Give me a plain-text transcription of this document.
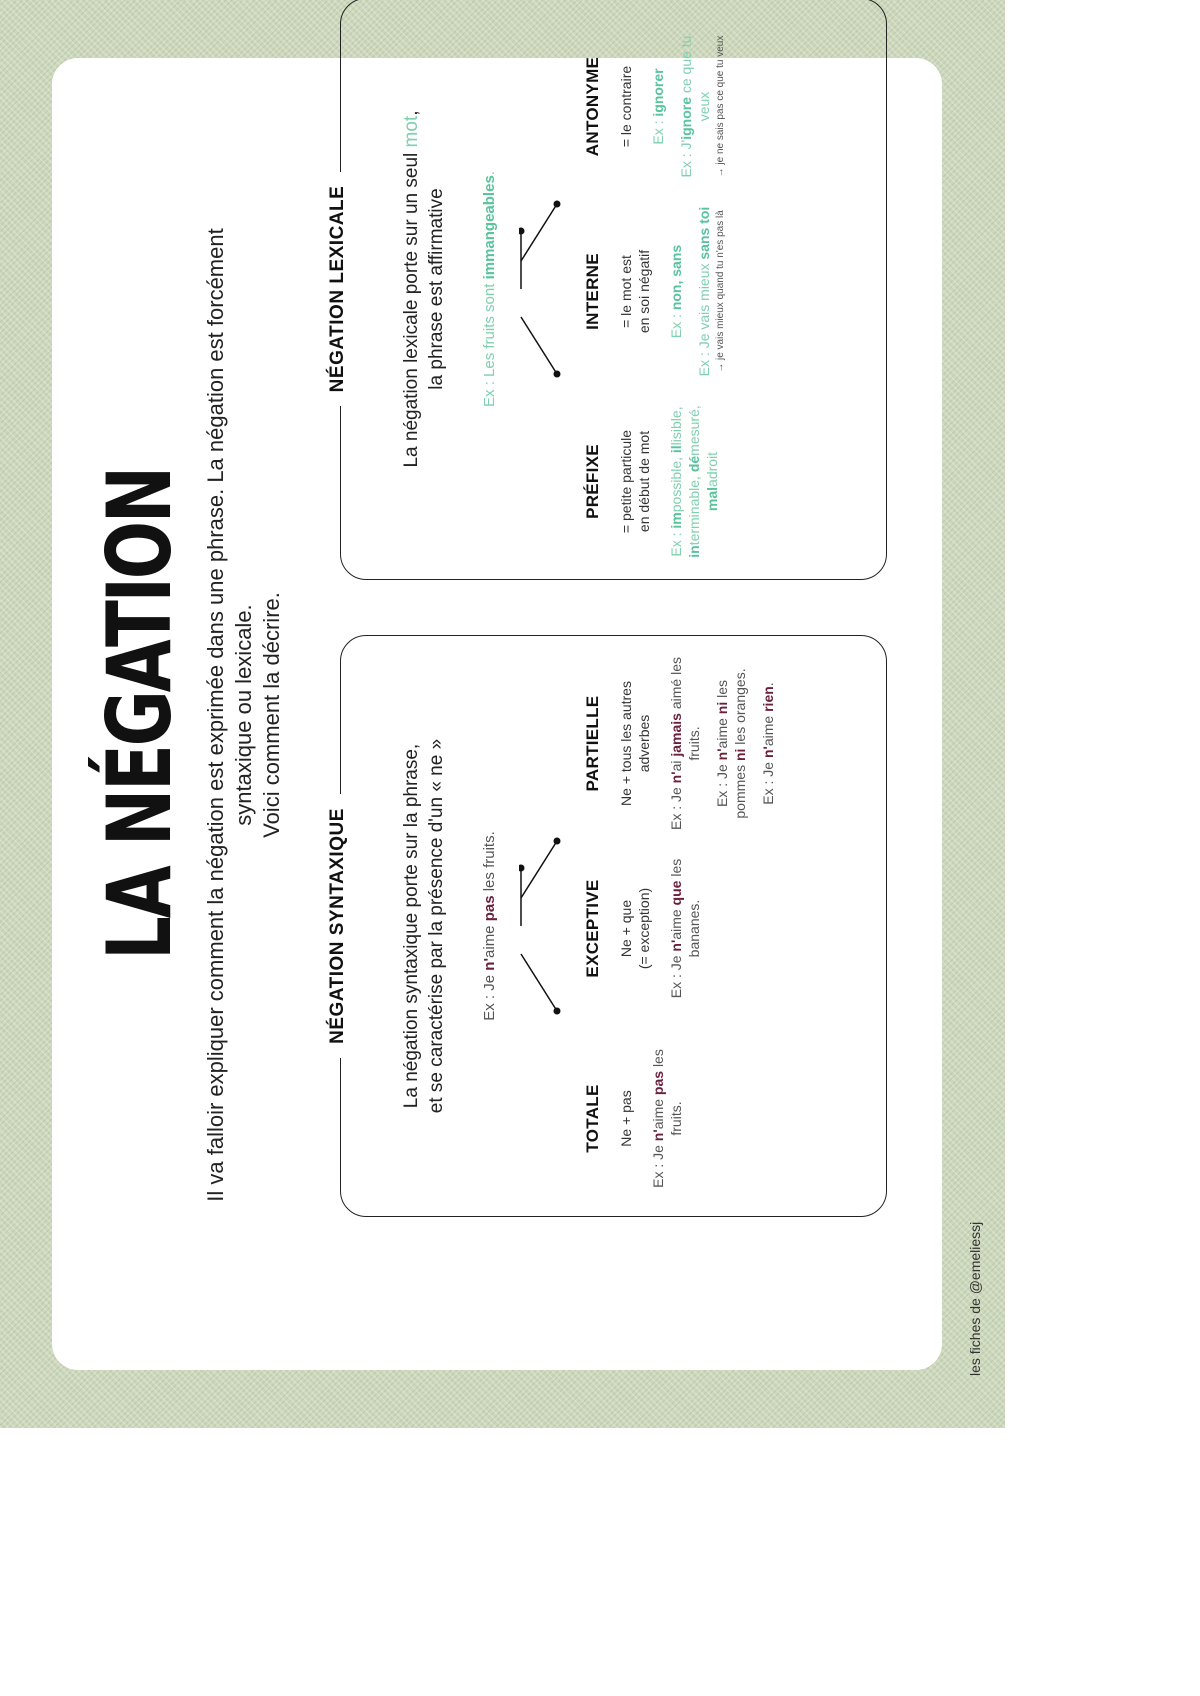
les fiches de @emeliessj
LA NÉGATION Il va falloir expliquer comment la négation est exprimée dans une phrase. La négation est forcément syntaxique ou lexicale. Voici comment la décrire.
NÉGATION SYNTAXIQUE	La négation syntaxique porte sur la phrase, et se caractérise par la présence d'un « ne » Ex : Je n'aime pas les fruits.
TOTALE Ne + pas
Ex : Je n'aime pas les fruits.
EXCEPTIVE Ne + que (= exception)
Ex : Je n'aime que les bananes.
PARTIELLE Ne + tous les autres adverbes
Ex : Je n'ai jamais aimé les fruits.
Ex : Je n'aime ni les pommes ni les oranges.
Ex : Je n'aime rien.
NÉGATION LEXICALE	La négation lexicale porte sur un seul mot,
la phrase est affirmative Ex : Les fruits sont immangeables.
PRÉFIXE = petite particule en début de mot
Ex : impossible, illisible, interminable, démesuré, maladroit
INTERNE = le mot est en soi négatif Ex : non, sans Ex : Je vais mieux sans toi → je vais mieux quand tu n'es pas là
ANTONYME = le contraire Ex : ignorer
Ex : J'ignore ce que tu veux → je ne sais pas ce que tu veux
